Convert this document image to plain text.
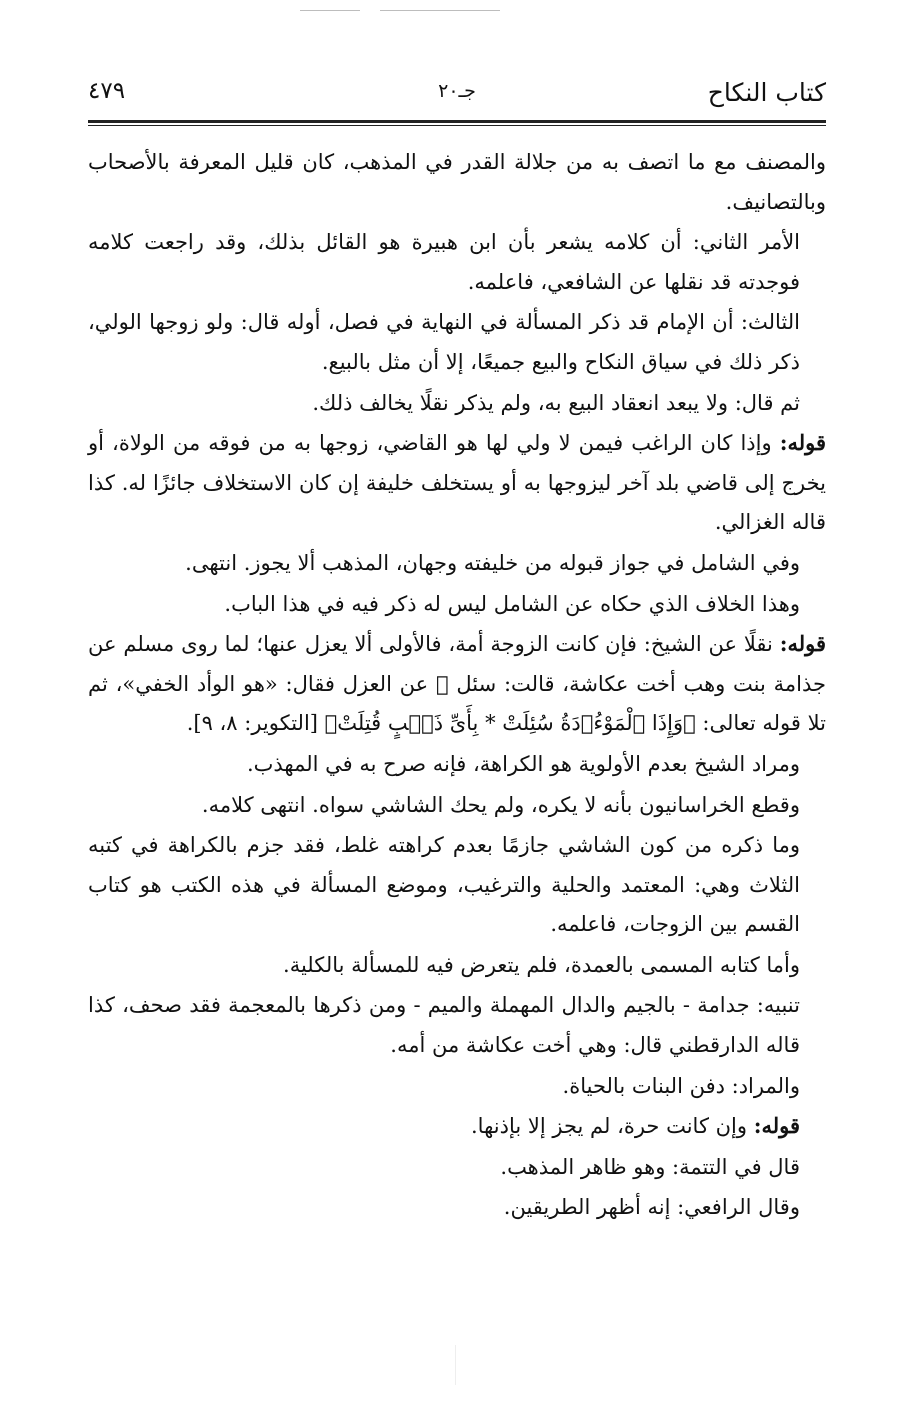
٤٧٩	جـ٢٠	كتاب النكاح

والمصنف مع ما اتصف به من جلالة القدر في المذهب، كان قليل المعرفة بالأصحاب وبالتصانيف.

الأمر الثاني: أن كلامه يشعر بأن ابن هبيرة هو القائل بذلك، وقد راجعت كلامه فوجدته قد نقلها عن الشافعي، فاعلمه.

الثالث: أن الإمام قد ذكر المسألة في النهاية في فصل، أوله قال: ولو زوجها الولي، ذكر ذلك في سياق النكاح والبيع جميعًا، إلا أن مثل بالبيع.

ثم قال: ولا يبعد انعقاد البيع به، ولم يذكر نقلًا يخالف ذلك.

قوله: وإذا كان الراغب فيمن لا ولي لها هو القاضي، زوجها به من فوقه من الولاة، أو يخرج إلى قاضي بلد آخر ليزوجها به أو يستخلف خليفة إن كان الاستخلاف جائزًا له. كذا قاله الغزالي.

وفي الشامل في جواز قبوله من خليفته وجهان، المذهب ألا يجوز. انتهى.

وهذا الخلاف الذي حكاه عن الشامل ليس له ذكر فيه في هذا الباب.

قوله: نقلًا عن الشيخ: فإن كانت الزوجة أمة، فالأولى ألا يعزل عنها؛ لما روى مسلم عن جذامة بنت وهب أخت عكاشة، قالت: سئل ﷺ عن العزل فقال: «هو الوأد الخفي»، ثم تلا قوله تعالى: ﴿وَإِذَا ٱلْمَوْءُۥدَةُ سُئِلَتْ * بِأَىِّ ذَنۢبٍ قُتِلَتْ﴾ [التكوير: ٨، ٩].

ومراد الشيخ بعدم الأولوية هو الكراهة، فإنه صرح به في المهذب.

وقطع الخراسانيون بأنه لا يكره، ولم يحك الشاشي سواه. انتهى كلامه.

وما ذكره من كون الشاشي جازمًا بعدم كراهته غلط، فقد جزم بالكراهة في كتبه الثلاث وهي: المعتمد والحلية والترغيب، وموضع المسألة في هذه الكتب هو كتاب القسم بين الزوجات، فاعلمه.

وأما كتابه المسمى بالعمدة، فلم يتعرض فيه للمسألة بالكلية.

تنبيه: جدامة - بالجيم والدال المهملة والميم - ومن ذكرها بالمعجمة فقد صحف، كذا قاله الدارقطني قال: وهي أخت عكاشة من أمه.

والمراد: دفن البنات بالحياة.

قوله: وإن كانت حرة، لم يجز إلا بإذنها.

قال في التتمة: وهو ظاهر المذهب.

وقال الرافعي: إنه أظهر الطريقين.
